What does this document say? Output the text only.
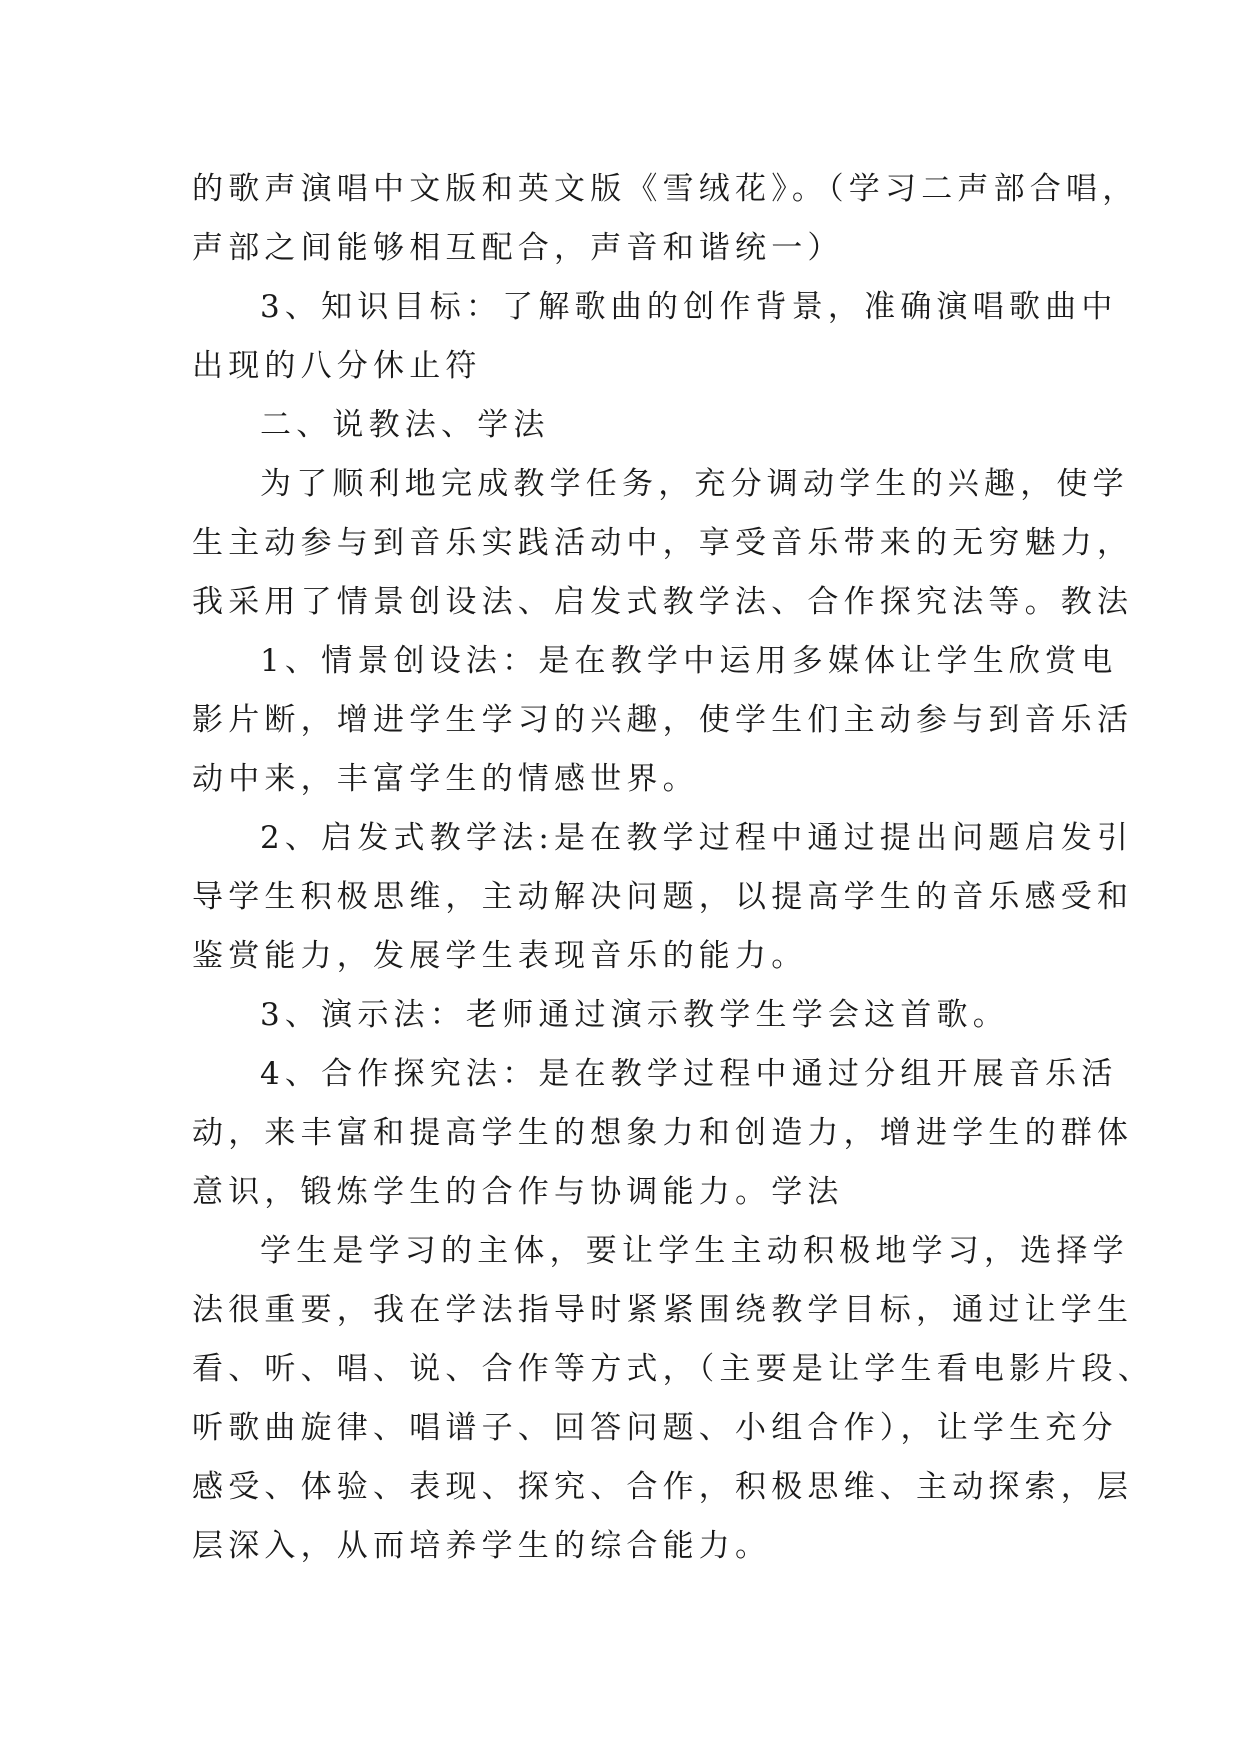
的歌声演唱中文版和英文版《雪绒花》。（学习二声部合唱，
声部之间能够相互配合，声音和谐统一）
3、知识目标：了解歌曲的创作背景，准确演唱歌曲中
出现的八分休止符
二、说教法、学法
为了顺利地完成教学任务，充分调动学生的兴趣，使学
生主动参与到音乐实践活动中，享受音乐带来的无穷魅力，
我采用了情景创设法、启发式教学法、合作探究法等。教法
1、情景创设法：是在教学中运用多媒体让学生欣赏电
影片断，增进学生学习的兴趣，使学生们主动参与到音乐活
动中来，丰富学生的情感世界。
2、启发式教学法:是在教学过程中通过提出问题启发引
导学生积极思维，主动解决问题，以提高学生的音乐感受和
鉴赏能力，发展学生表现音乐的能力。
3、演示法：老师通过演示教学生学会这首歌。
4、合作探究法：是在教学过程中通过分组开展音乐活
动，来丰富和提高学生的想象力和创造力，增进学生的群体
意识，锻炼学生的合作与协调能力。学法
学生是学习的主体，要让学生主动积极地学习，选择学
法很重要，我在学法指导时紧紧围绕教学目标，通过让学生
看、听、唱、说、合作等方式，（主要是让学生看电影片段、
听歌曲旋律、唱谱子、回答问题、小组合作），让学生充分
感受、体验、表现、探究、合作，积极思维、主动探索，层
层深入，从而培养学生的综合能力。
